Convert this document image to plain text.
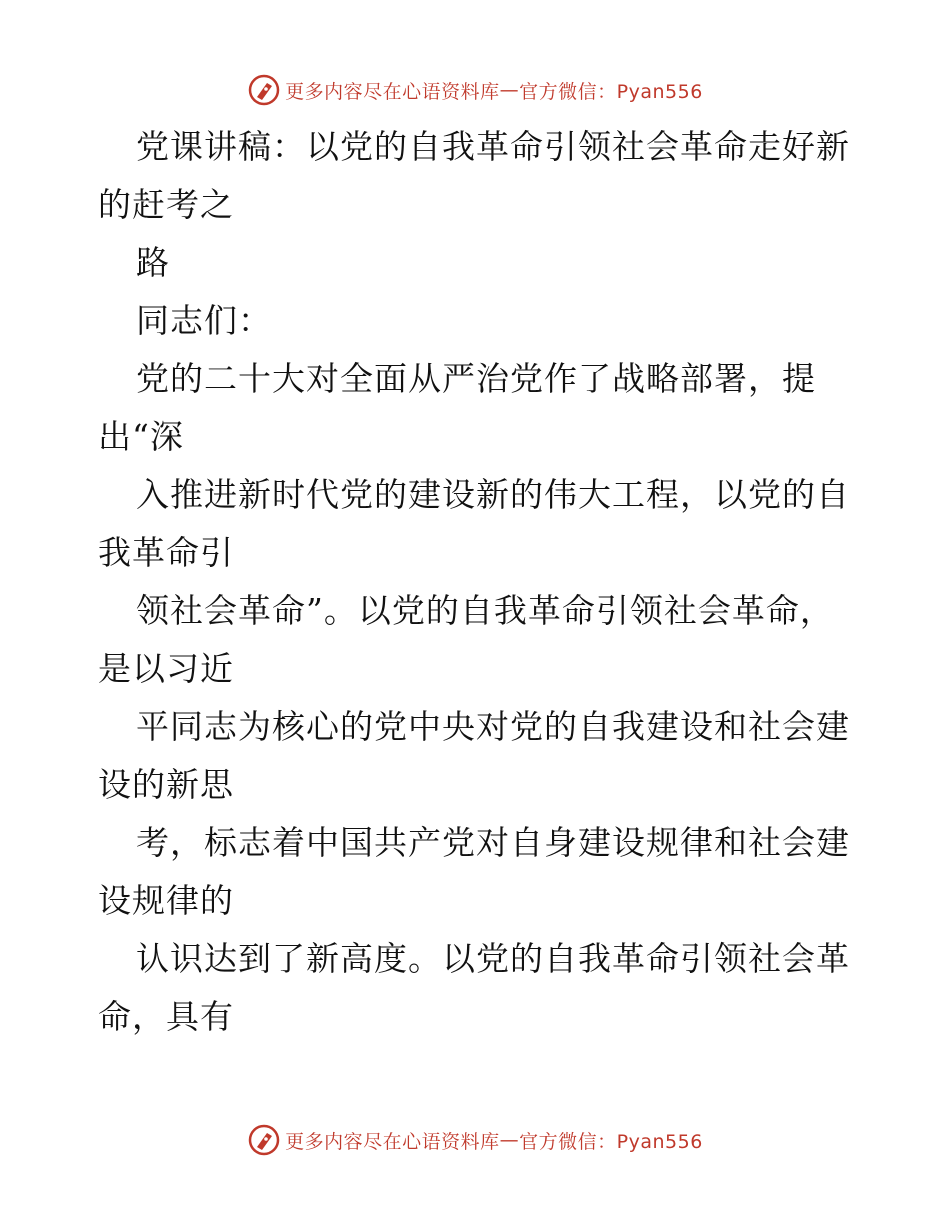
更多内容尽在心语资料库 — 官方微信：Pyan556
党课讲稿：以党的自我革命引领社会革命走好新
的赶考之
路
同志们：
党的二十大对全面从严治党作了战略部署，提
出“深
入推进新时代党的建设新的伟大工程，以党的自
我革命引
领社会革命”。以党的自我革命引领社会革命，
是以习近
平同志为核心的党中央对党的自我建设和社会建
设的新思
考，标志着中国共产党对自身建设规律和社会建
设规律的
认识达到了新高度。以党的自我革命引领社会革
命，具有
更多内容尽在心语资料库 — 官方微信：Pyan556
